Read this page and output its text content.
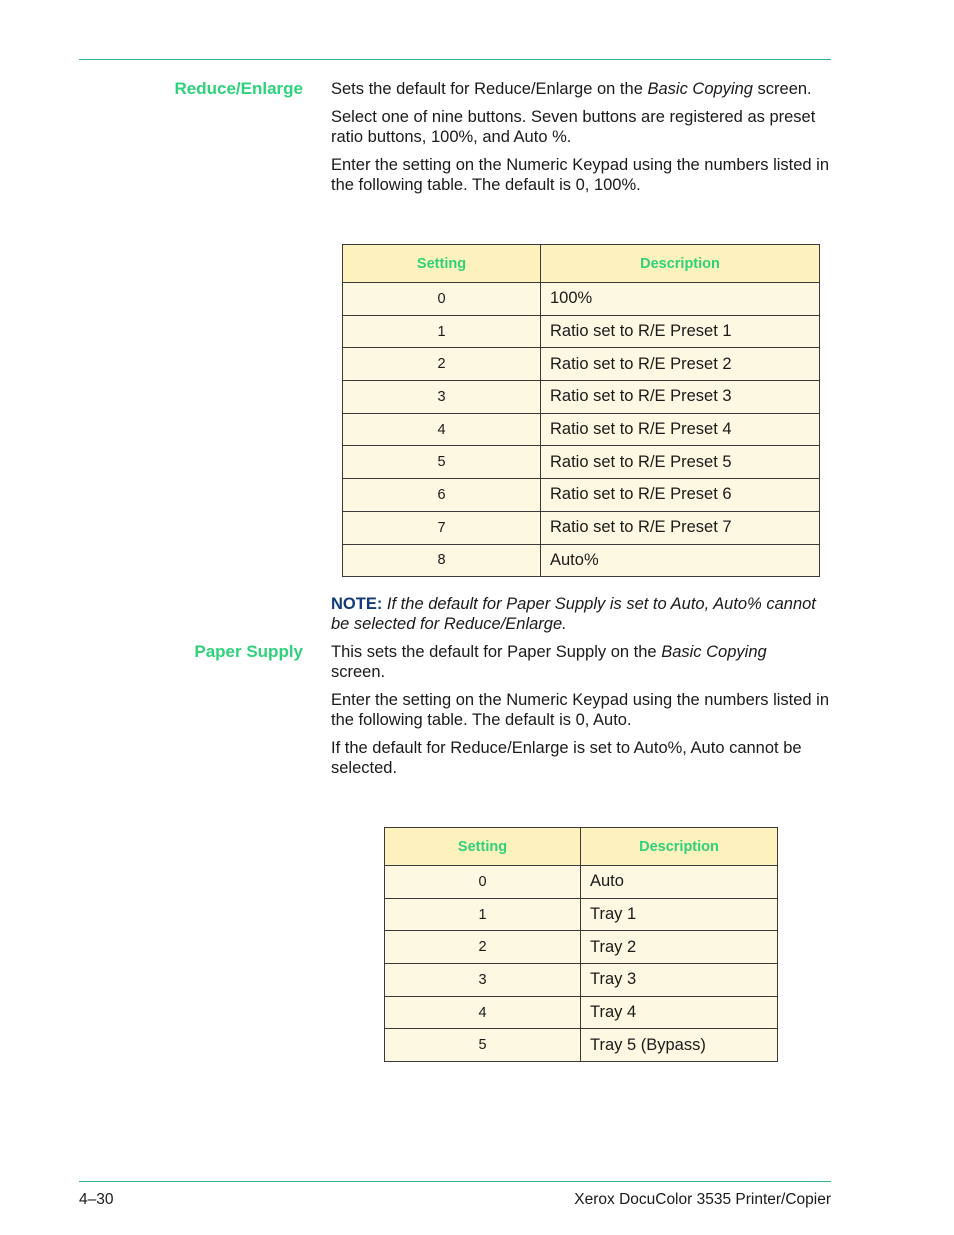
Reduce/Enlarge Sets the default for Reduce/Enlarge on the Basic Copying screen.

Select one of nine buttons. Seven buttons are registered as preset ratio buttons, 100%, and Auto %.

Enter the setting on the Numeric Keypad using the numbers listed in the following table. The default is 0, 100%.

Setting	Description
0	100%
1	Ratio set to R/E Preset 1
2	Ratio set to R/E Preset 2
3	Ratio set to R/E Preset 3
4	Ratio set to R/E Preset 4
5	Ratio set to R/E Preset 5
6	Ratio set to R/E Preset 6
7	Ratio set to R/E Preset 7
8	Auto%
NOTE: If the default for Paper Supply is set to Auto, Auto% cannot be selected for Reduce/Enlarge.
Paper Supply This sets the default for Paper Supply on the Basic Copying screen.

Enter the setting on the Numeric Keypad using the numbers listed in the following table. The default is 0, Auto.

If the default for Reduce/Enlarge is set to Auto%, Auto cannot be selected.

Setting	Description
0	Auto
1	Tray 1
2	Tray 2
3	Tray 3
4	Tray 4
5	Tray 5 (Bypass)
4–30	Xerox DocuColor 3535 Printer/Copier
